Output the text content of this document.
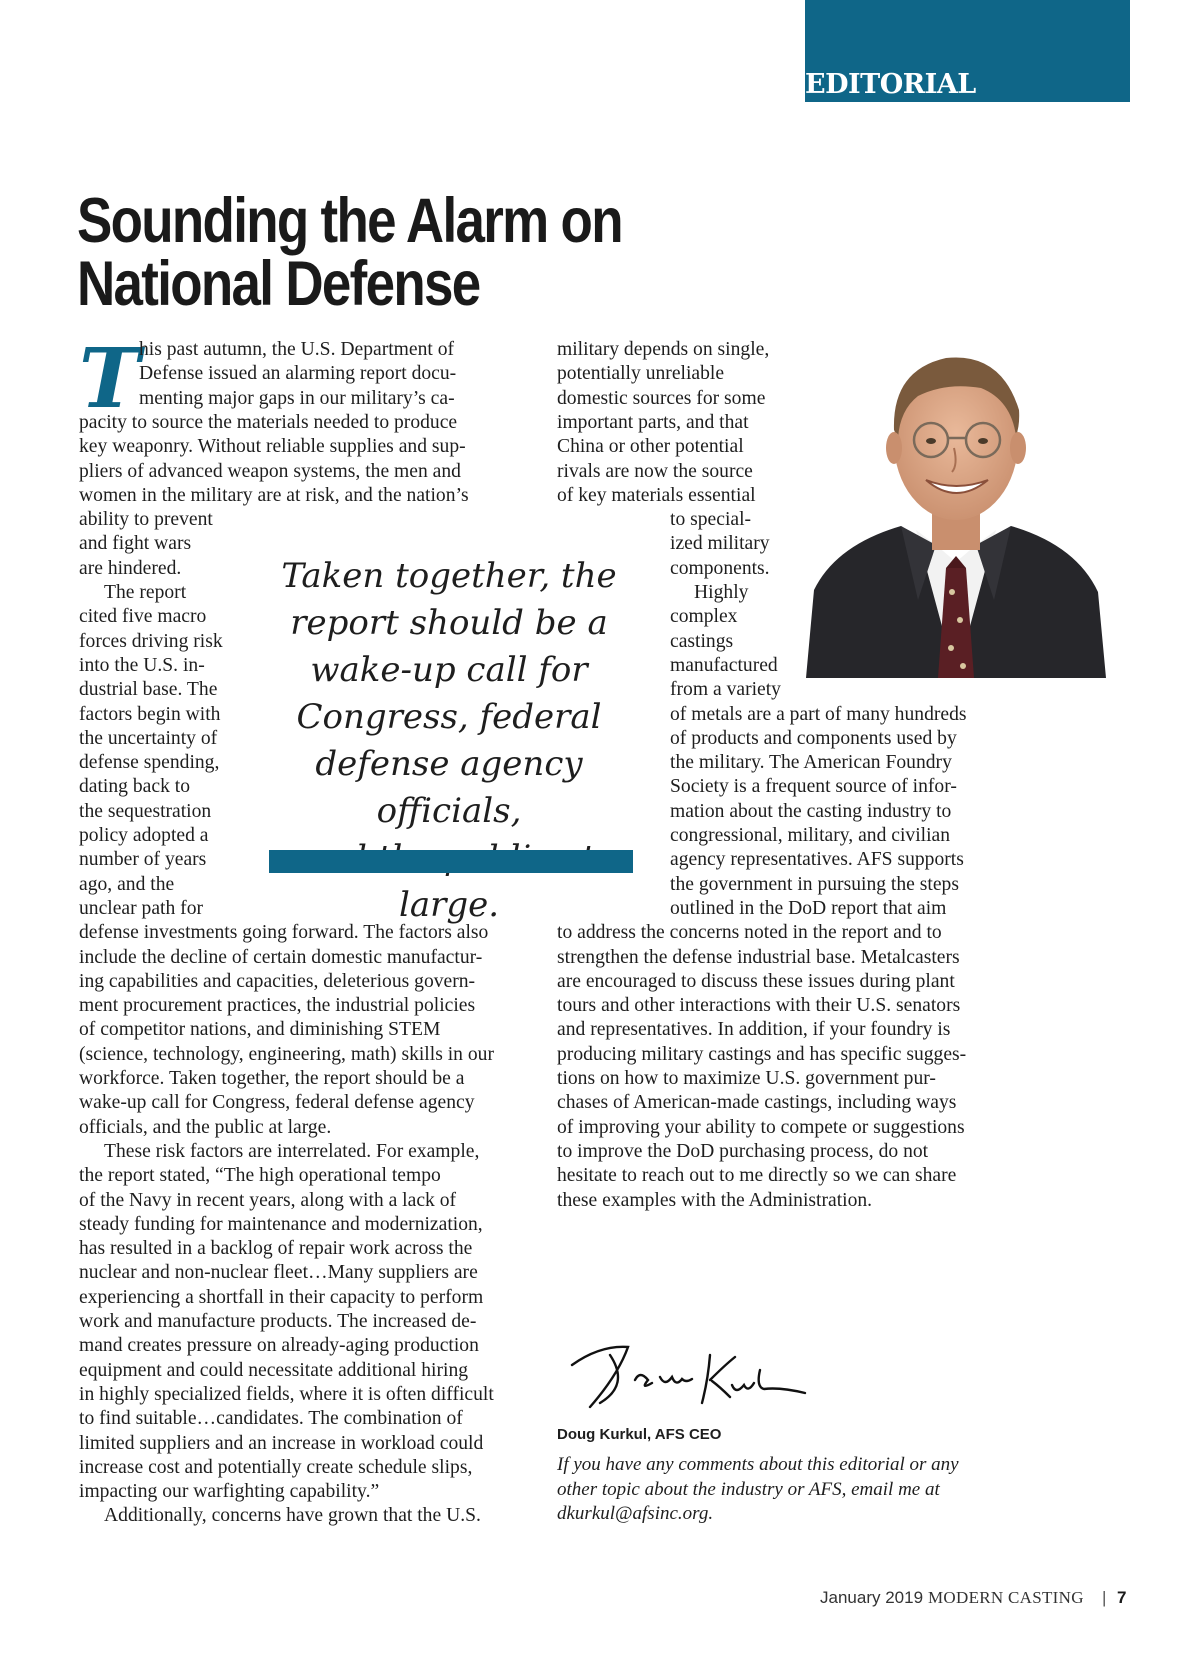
EDITORIAL
Sounding the Alarm on
National Defense
T
his past autumn, the U.S. Department of
Defense issued an alarming report docu-
menting major gaps in our military’s ca-
pacity to source the materials needed to produce
key weaponry. Without reliable supplies and sup-
pliers of advanced weapon systems, the men and
women in the military are at risk, and the nation’s
ability to prevent
and fight wars
are hindered.
The report
cited five macro
forces driving risk
into the U.S. in-
dustrial base. The
factors begin with
the uncertainty of
defense spending,
dating back to
the sequestration
policy adopted a
number of years
ago, and the
unclear path for
defense investments going forward. The factors also
include the decline of certain domestic manufactur-
ing capabilities and capacities, deleterious govern-
ment procurement practices, the industrial policies
of competitor nations, and diminishing STEM
(science, technology, engineering, math) skills in our
workforce. Taken together, the report should be a
wake-up call for Congress, federal defense agency
officials, and the public at large.
These risk factors are interrelated. For example,
the report stated, “The high operational tempo
of the Navy in recent years, along with a lack of
steady funding for maintenance and modernization,
has resulted in a backlog of repair work across the
nuclear and non-nuclear fleet…Many suppliers are
experiencing a shortfall in their capacity to perform
work and manufacture products. The increased de-
mand creates pressure on already-aging production
equipment and could necessitate additional hiring
in highly specialized fields, where it is often difficult
to find suitable…candidates. The combination of
limited suppliers and an increase in workload could
increase cost and potentially create schedule slips,
impacting our warfighting capability.”
Additionally, concerns have grown that the U.S.
military depends on single,
potentially unreliable
domestic sources for some
important parts, and that
China or other potential
rivals are now the source
of key materials essential
to special-
ized military
components.
Highly
complex
castings
manufactured
from a variety
of metals are a part of many hundreds
of products and components used by
the military. The American Foundry
Society is a frequent source of infor-
mation about the casting industry to
congressional, military, and civilian
agency representatives. AFS supports
the government in pursuing the steps
outlined in the DoD report that aim
to address the concerns noted in the report and to
strengthen the defense industrial base. Metalcasters
are encouraged to discuss these issues during plant
tours and other interactions with their U.S. senators
and representatives. In addition, if your foundry is
producing military castings and has specific sugges-
tions on how to maximize U.S. government pur-
chases of American-made castings, including ways
of improving your ability to compete or suggestions
to improve the DoD purchasing process, do not
hesitate to reach out to me directly so we can share
these examples with the Administration.
Taken together, the
report should be a
wake-up call for
Congress, federal
defense agency officials,
large.
Doug Kurkul, AFS CEO
If you have any comments about this editorial or any
other topic about the industry or AFS, email me at
dkurkul@afsinc.org.
January 2019 MODERN CASTING | 7
